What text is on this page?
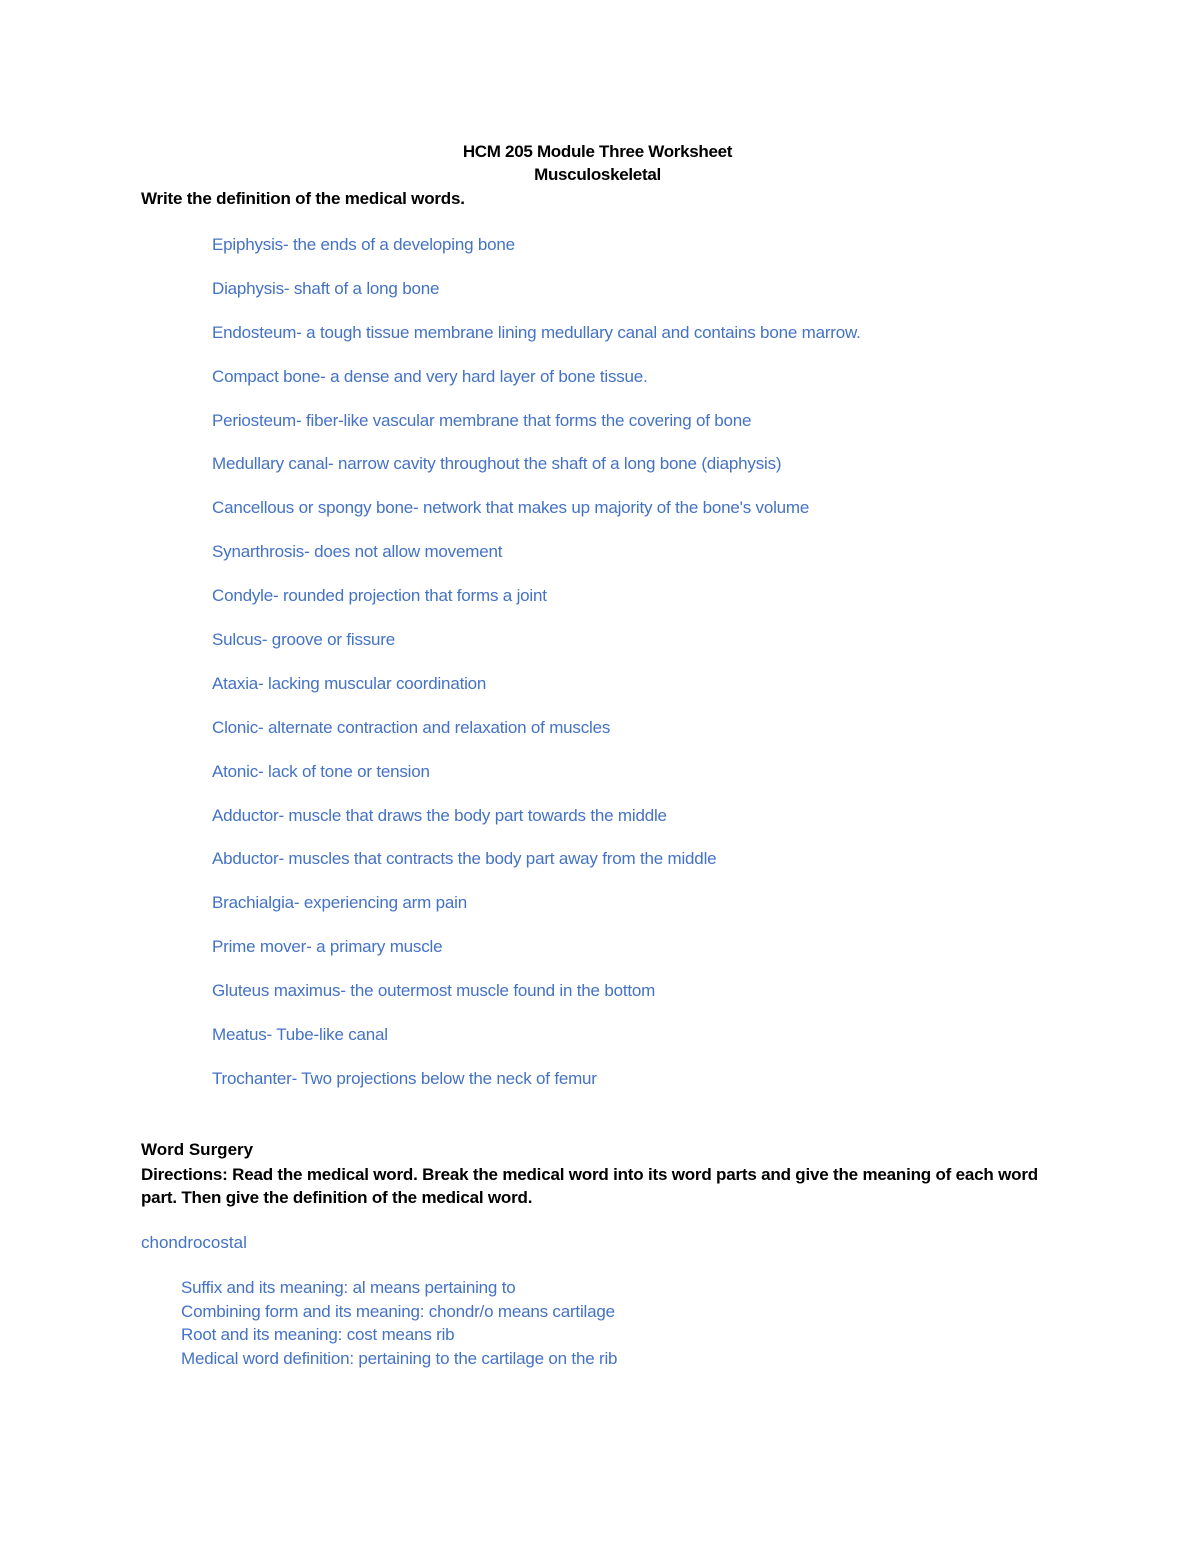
HCM 205 Module Three Worksheet
Musculoskeletal
Write the definition of the medical words.
Epiphysis- the ends of a developing bone
Diaphysis- shaft of a long bone
Endosteum- a tough tissue membrane lining medullary canal and contains bone marrow.
Compact bone- a dense and very hard layer of bone tissue.
Periosteum- fiber-like vascular membrane that forms the covering of bone
Medullary canal- narrow cavity throughout the shaft of a long bone (diaphysis)
Cancellous or spongy bone- network that makes up majority of the bone's volume
Synarthrosis- does not allow movement
Condyle- rounded projection that forms a joint
Sulcus- groove or fissure
Ataxia- lacking muscular coordination
Clonic- alternate contraction and relaxation of muscles
Atonic- lack of tone or tension
Adductor- muscle that draws the body part towards the middle
Abductor- muscles that contracts the body part away from the middle
Brachialgia- experiencing arm pain
Prime mover- a primary muscle
Gluteus maximus- the outermost muscle found in the bottom
Meatus- Tube-like canal
Trochanter- Two projections below the neck of femur
Word Surgery
Directions: Read the medical word. Break the medical word into its word parts and give the meaning of each word part. Then give the definition of the medical word.
chondrocostal
Suffix and its meaning: al means pertaining to
Combining form and its meaning: chondr/o means cartilage
Root and its meaning: cost means rib
Medical word definition: pertaining to the cartilage on the rib
